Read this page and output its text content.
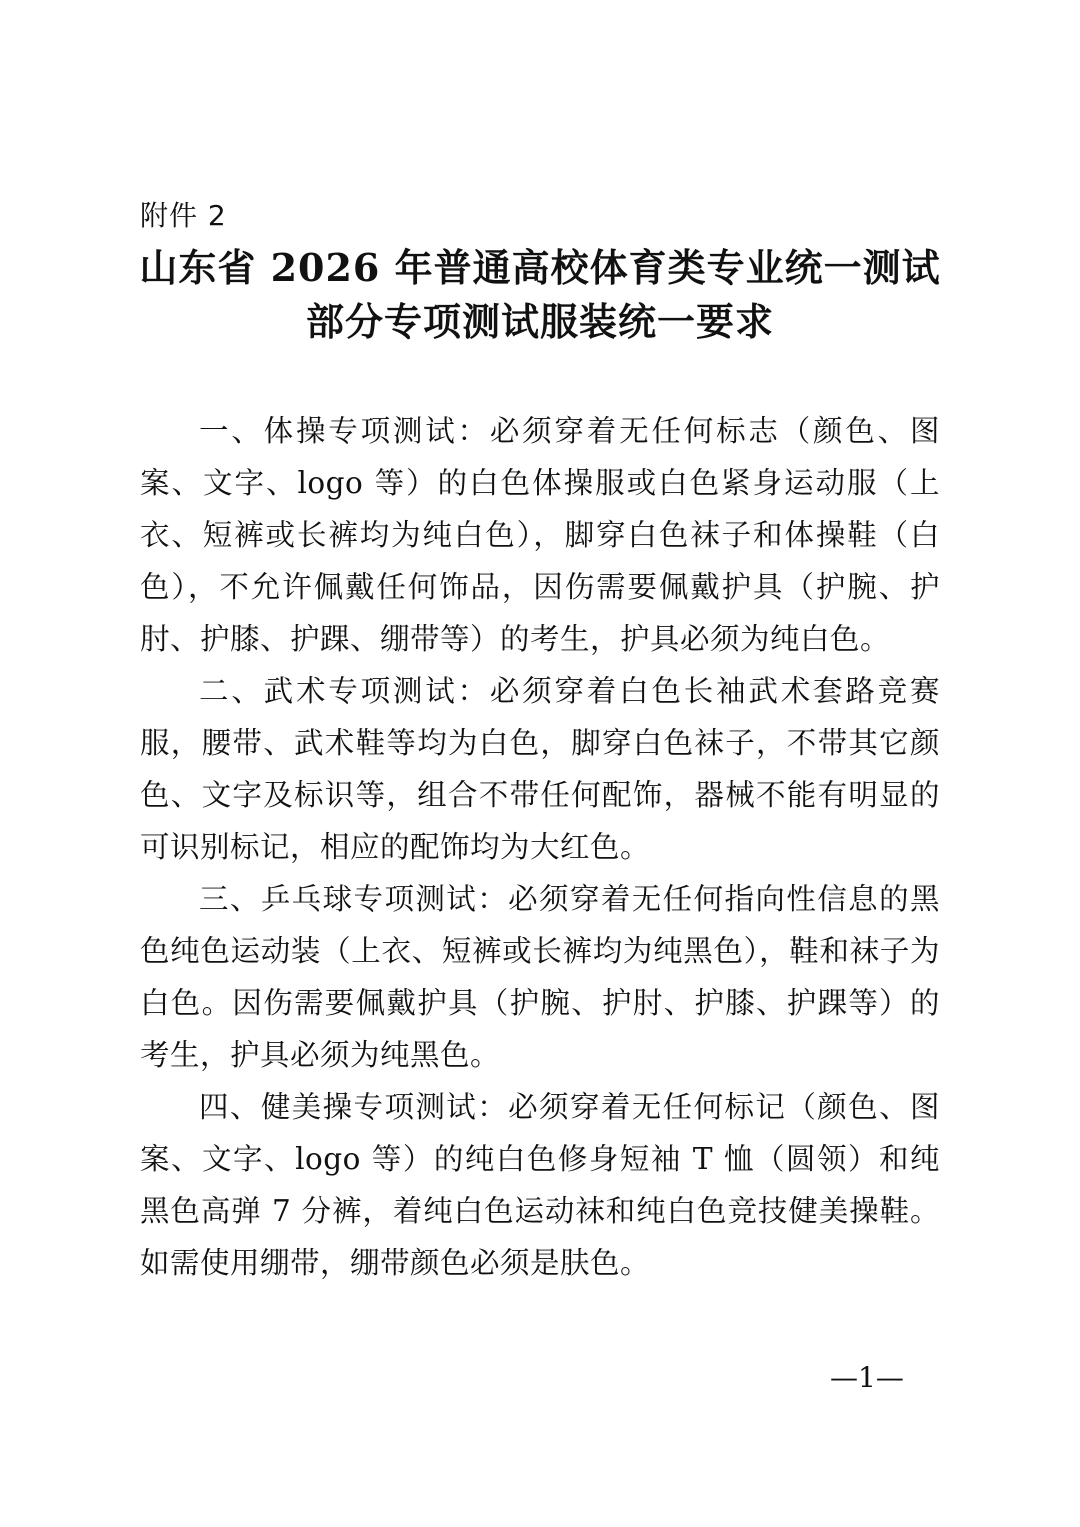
附件 2
山东省 2026 年普通高校体育类专业统一测试
部分专项测试服装统一要求

一、体操专项测试：必须穿着无任何标志（颜色、图案、文字、logo 等）的白色体操服或白色紧身运动服（上衣、短裤或长裤均为纯白色），脚穿白色袜子和体操鞋（白色），不允许佩戴任何饰品，因伤需要佩戴护具（护腕、护肘、护膝、护踝、绷带等）的考生，护具必须为纯白色。

二、武术专项测试：必须穿着白色长袖武术套路竞赛服，腰带、武术鞋等均为白色，脚穿白色袜子，不带其它颜色、文字及标识等，组合不带任何配饰，器械不能有明显的可识别标记，相应的配饰均为大红色。

三、乒乓球专项测试：必须穿着无任何指向性信息的黑色纯色运动装（上衣、短裤或长裤均为纯黑色），鞋和袜子为白色。因伤需要佩戴护具（护腕、护肘、护膝、护踝等）的考生，护具必须为纯黑色。

四、健美操专项测试：必须穿着无任何标记（颜色、图案、文字、logo 等）的纯白色修身短袖 T 恤（圆领）和纯黑色高弹 7 分裤，着纯白色运动袜和纯白色竞技健美操鞋。如需使用绷带，绷带颜色必须是肤色。

—1—
